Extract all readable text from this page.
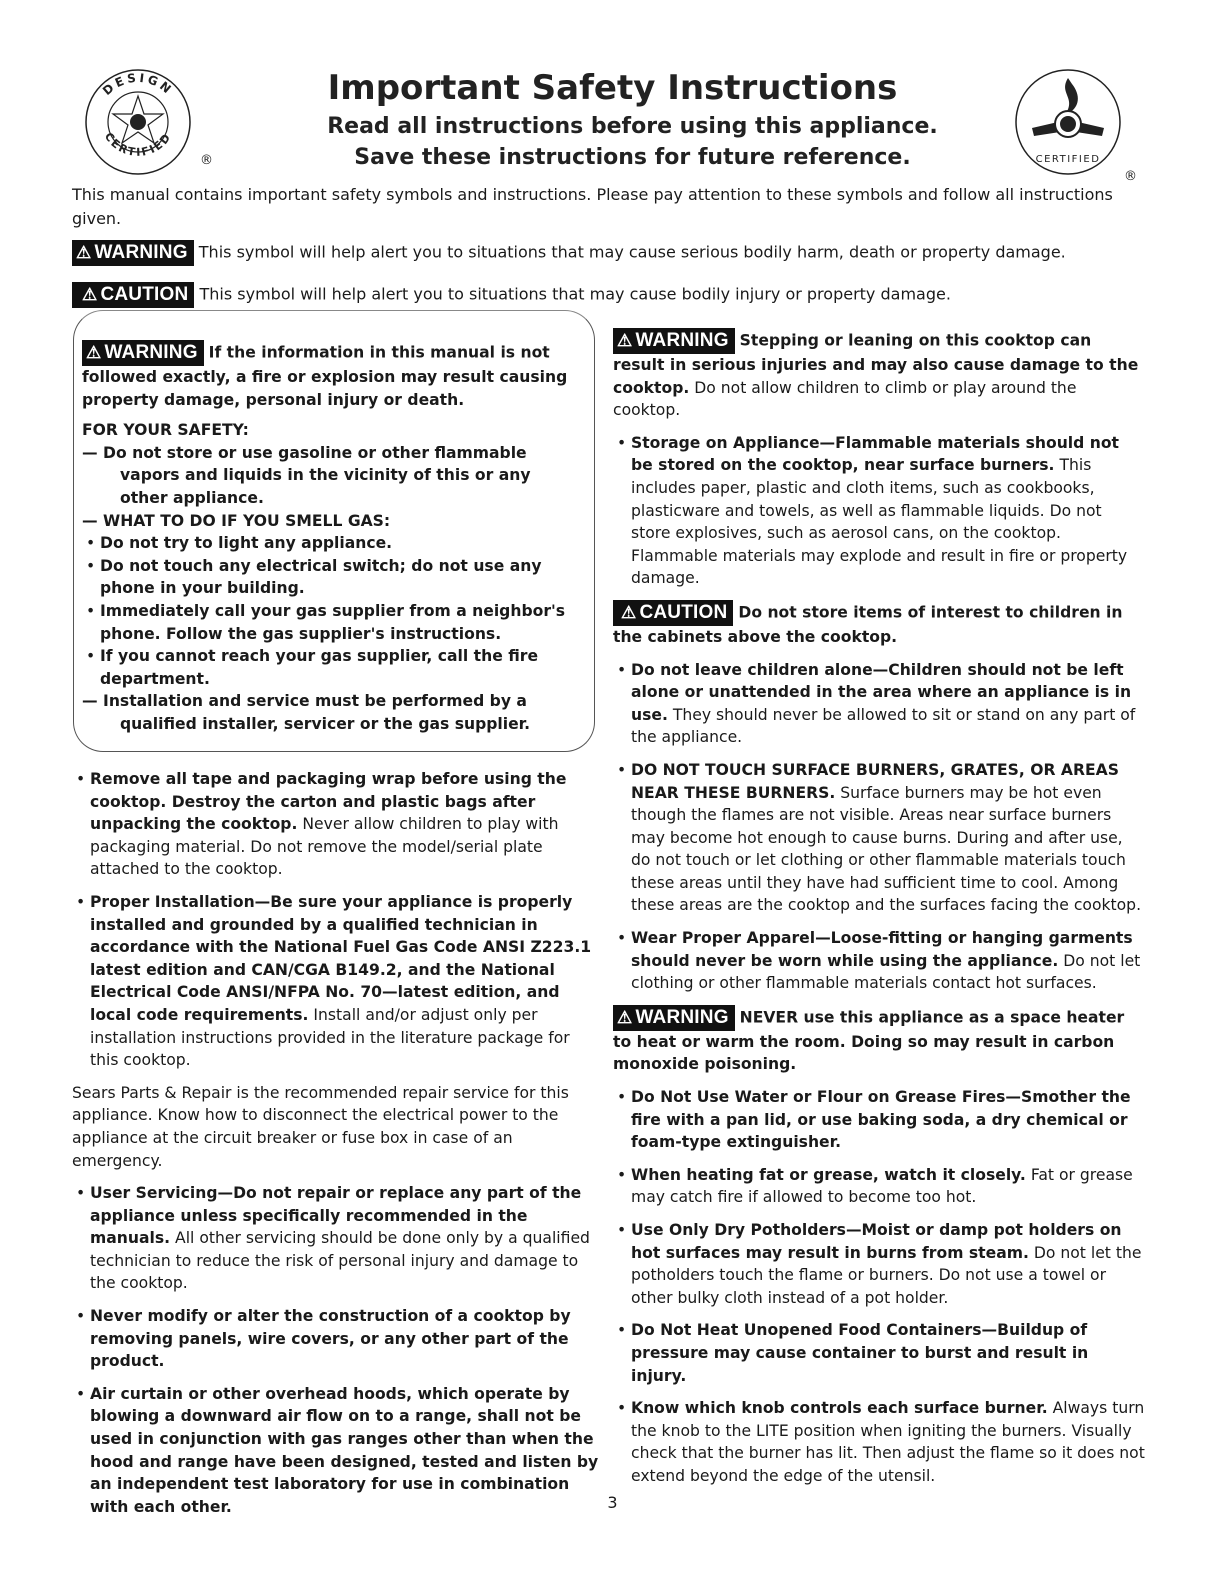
DESIGN
CERTIFIED
®	CERTIFIED
®
Important Safety Instructions
Read all instructions before using this appliance.
Save these instructions for future reference.

This manual contains important safety symbols and instructions. Please pay attention to these symbols and follow all instructions given.

⚠ WARNING This symbol will help alert you to situations that may cause serious bodily harm, death or property damage.
⚠ CAUTION This symbol will help alert you to situations that may cause bodily injury or property damage.

⚠ WARNING If the information in this manual is not followed exactly, a fire or explosion may result causing property damage, personal injury or death.

FOR YOUR SAFETY:

— Do not store or use gasoline or other flammable vapors and liquids in the vicinity of this or any other appliance.

— WHAT TO DO IF YOU SMELL GAS:

• Do not try to light any appliance.

• Do not touch any electrical switch; do not use any phone in your building.

• Immediately call your gas supplier from a neighbor's phone. Follow the gas supplier's instructions.

• If you cannot reach your gas supplier, call the fire department.

— Installation and service must be performed by a qualified installer, servicer or the gas supplier.

• Remove all tape and packaging wrap before using the cooktop. Destroy the carton and plastic bags after unpacking the cooktop. Never allow children to play with packaging material. Do not remove the model/serial plate attached to the cooktop.

• Proper Installation—Be sure your appliance is properly installed and grounded by a qualified technician in accordance with the National Fuel Gas Code ANSI Z223.1 latest edition and CAN/CGA B149.2, and the National Electrical Code ANSI/NFPA No. 70—latest edition, and local code requirements. Install and/or adjust only per installation instructions provided in the literature package for this cooktop.

Sears Parts & Repair is the recommended repair service for this appliance. Know how to disconnect the electrical power to the appliance at the circuit breaker or fuse box in case of an emergency.

• User Servicing—Do not repair or replace any part of the appliance unless specifically recommended in the manuals. All other servicing should be done only by a qualified technician to reduce the risk of personal injury and damage to the cooktop.

• Never modify or alter the construction of a cooktop by removing panels, wire covers, or any other part of the product.

• Air curtain or other overhead hoods, which operate by blowing a downward air flow on to a range, shall not be used in conjunction with gas ranges other than when the hood and range have been designed, tested and listen by an independent test laboratory for use in combination with each other.

⚠ WARNING Stepping or leaning on this cooktop can result in serious injuries and may also cause damage to the cooktop. Do not allow children to climb or play around the cooktop.

• Storage on Appliance—Flammable materials should not be stored on the cooktop, near surface burners. This includes paper, plastic and cloth items, such as cookbooks, plasticware and towels, as well as flammable liquids. Do not store explosives, such as aerosol cans, on the cooktop. Flammable materials may explode and result in fire or property damage.

⚠ CAUTION Do not store items of interest to children in the cabinets above the cooktop.

• Do not leave children alone—Children should not be left alone or unattended in the area where an appliance is in use. They should never be allowed to sit or stand on any part of the appliance.

• DO NOT TOUCH SURFACE BURNERS, GRATES, OR AREAS NEAR THESE BURNERS. Surface burners may be hot even though the flames are not visible. Areas near surface burners may become hot enough to cause burns. During and after use, do not touch or let clothing or other flammable materials touch these areas until they have had sufficient time to cool. Among these areas are the cooktop and the surfaces facing the cooktop.

• Wear Proper Apparel—Loose-fitting or hanging garments should never be worn while using the appliance. Do not let clothing or other flammable materials contact hot surfaces.

⚠ WARNING NEVER use this appliance as a space heater to heat or warm the room. Doing so may result in carbon monoxide poisoning.

• Do Not Use Water or Flour on Grease Fires—Smother the fire with a pan lid, or use baking soda, a dry chemical or foam-type extinguisher.

• When heating fat or grease, watch it closely. Fat or grease may catch fire if allowed to become too hot.

• Use Only Dry Potholders—Moist or damp pot holders on hot surfaces may result in burns from steam. Do not let the potholders touch the flame or burners. Do not use a towel or other bulky cloth instead of a pot holder.

• Do Not Heat Unopened Food Containers—Buildup of pressure may cause container to burst and result in injury.

• Know which knob controls each surface burner. Always turn the knob to the LITE position when igniting the burners. Visually check that the burner has lit. Then adjust the flame so it does not extend beyond the edge of the utensil.

3
